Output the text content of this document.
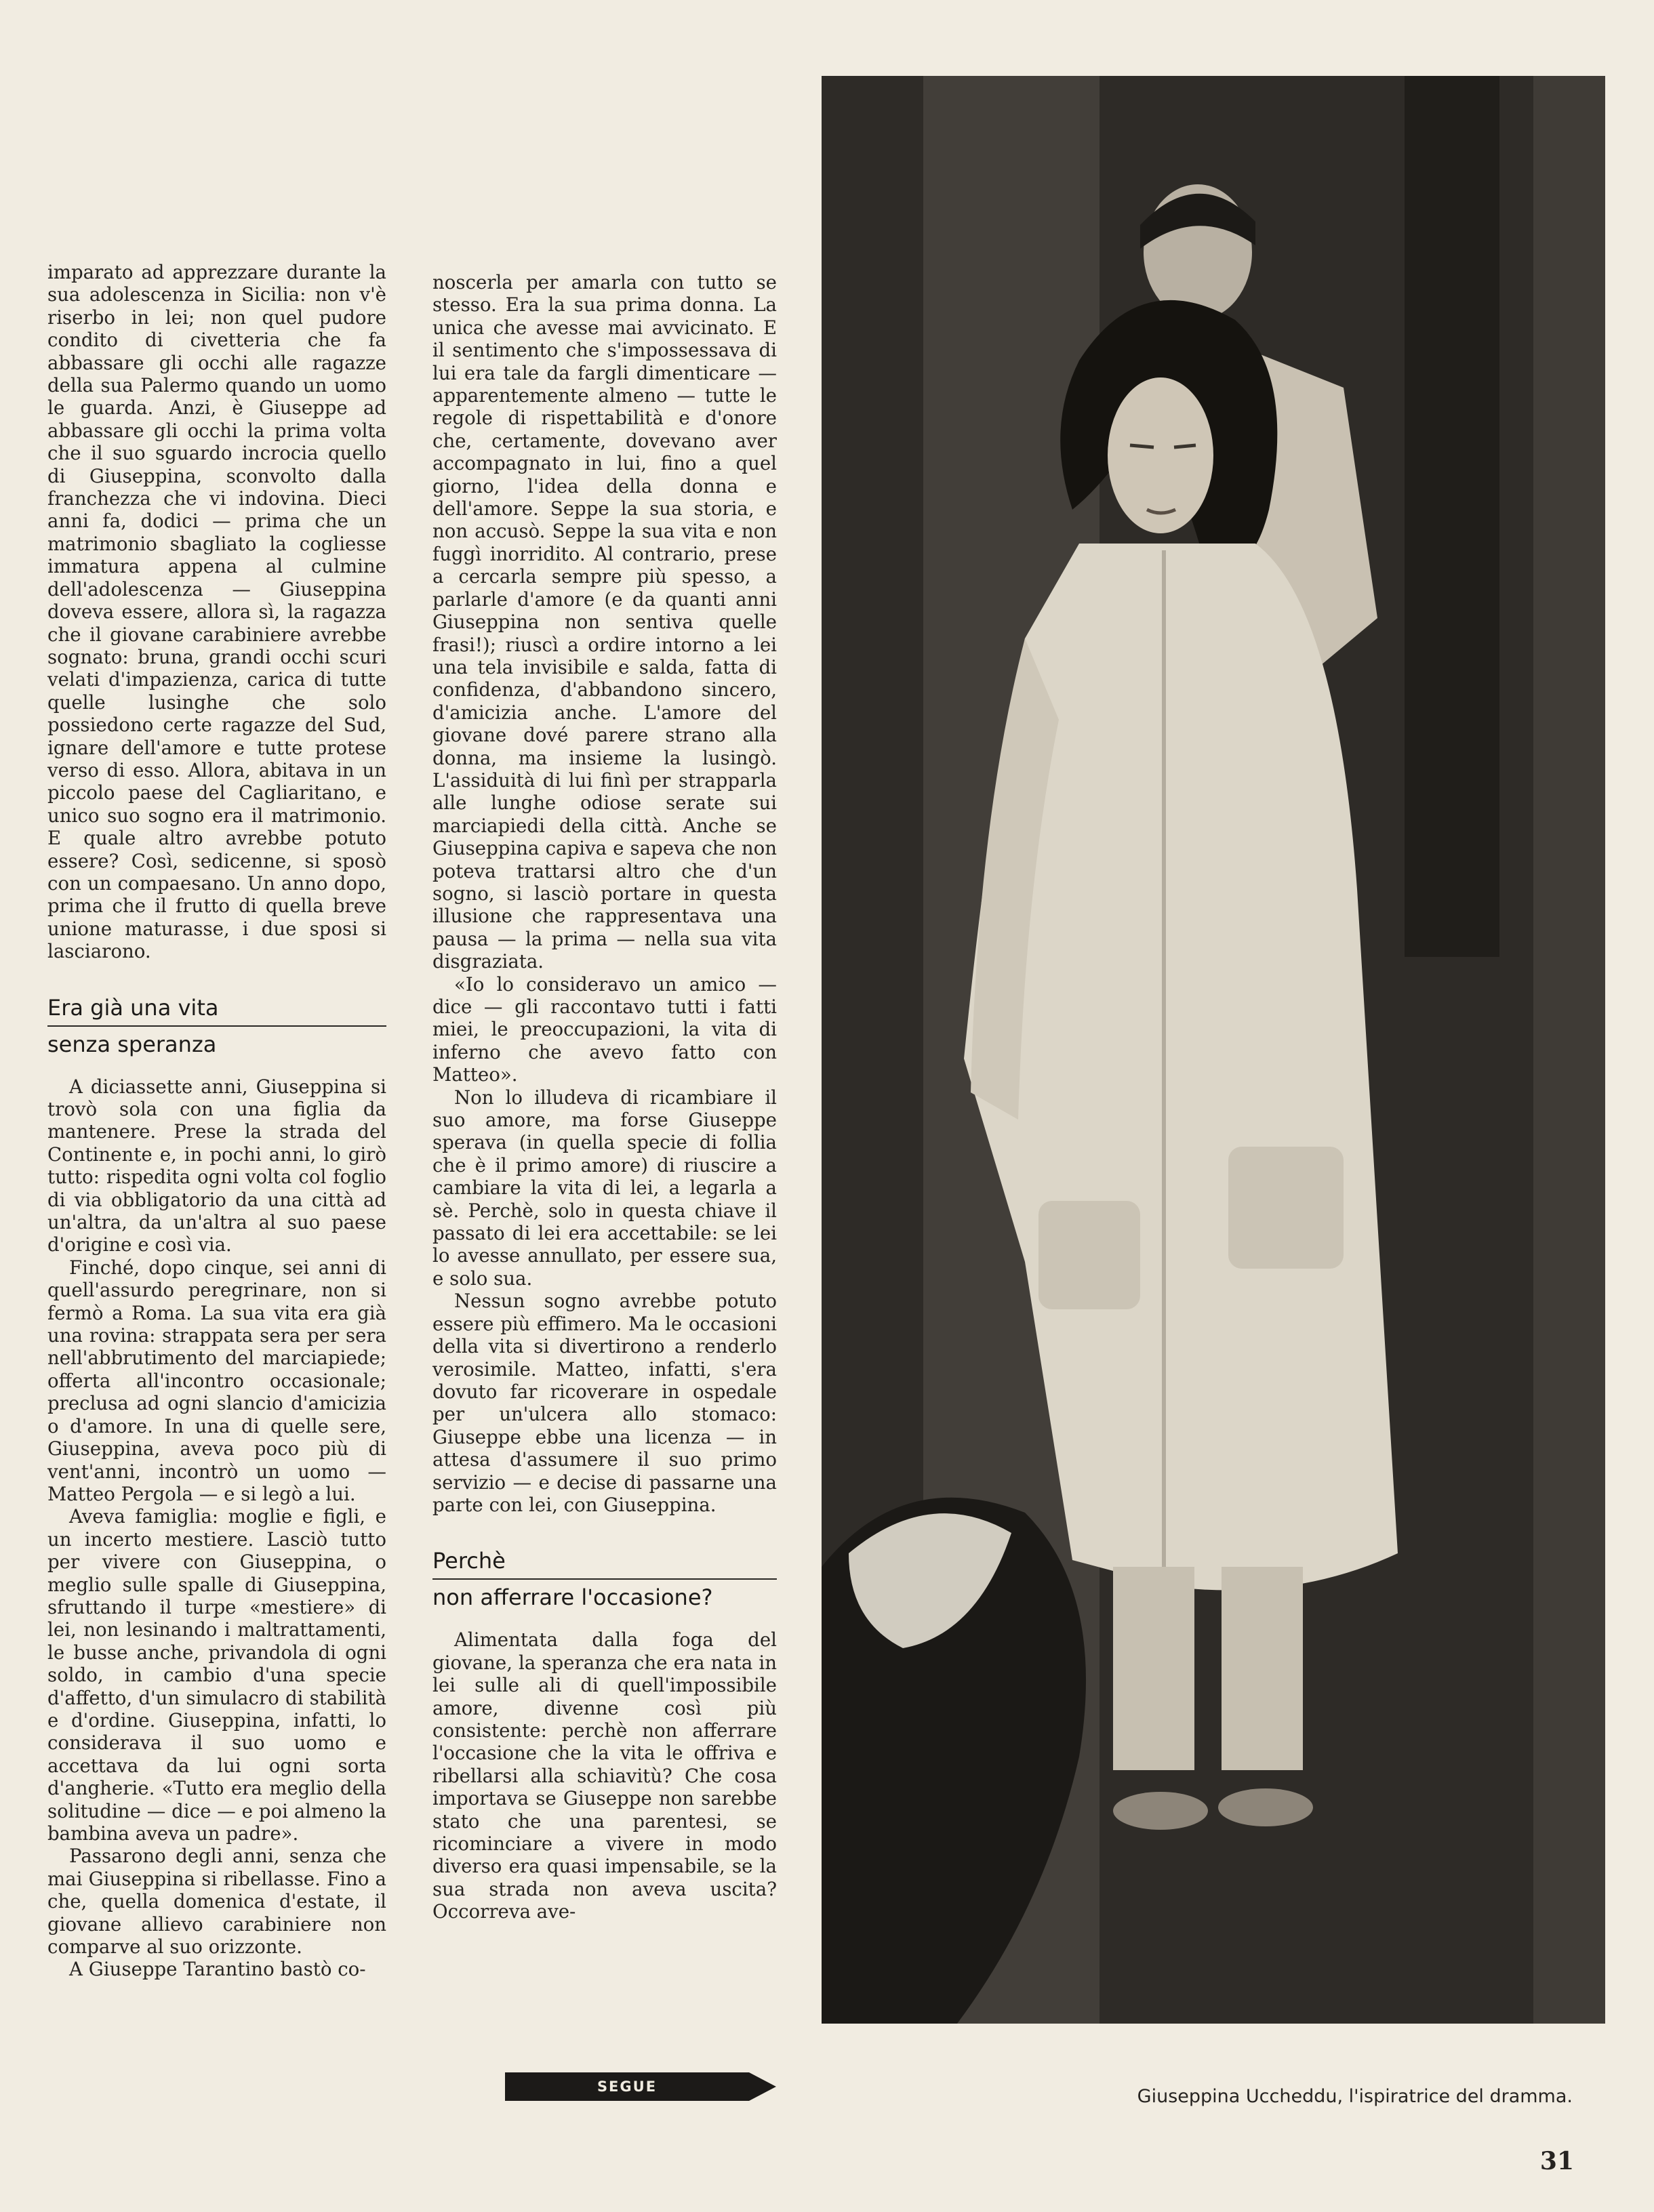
imparato ad apprezzare durante la sua adolescenza in Sicilia: non v'è riserbo in lei; non quel pudore condito di civetteria che fa abbassare gli occhi alle ragazze della sua Palermo quando un uomo le guarda. Anzi, è Giuseppe ad abbassare gli occhi la prima volta che il suo sguardo incrocia quello di Giuseppina, sconvolto dalla franchezza che vi indovina. Dieci anni fa, dodici — prima che un matrimonio sbagliato la cogliesse immatura appena al culmine dell'adolescenza — Giuseppina doveva essere, allora sì, la ragazza che il giovane carabiniere avrebbe sognato: bruna, grandi occhi scuri velati d'impazienza, carica di tutte quelle lusinghe che solo possiedono certe ragazze del Sud, ignare dell'amore e tutte protese verso di esso. Allora, abitava in un piccolo paese del Cagliaritano, e unico suo sogno era il matrimonio. E quale altro avrebbe potuto essere? Così, sedicenne, si sposò con un compaesano. Un anno dopo, prima che il frutto di quella breve unione maturasse, i due sposi si lasciarono.

Era già una vita
senza speranza

A diciassette anni, Giuseppina si trovò sola con una figlia da mantenere. Prese la strada del Continente e, in pochi anni, lo girò tutto: rispedita ogni volta col foglio di via obbligatorio da una città ad un'altra, da un'altra al suo paese d'origine e così via.

Finché, dopo cinque, sei anni di quell'assurdo peregrinare, non si fermò a Roma. La sua vita era già una rovina: strappata sera per sera nell'abbrutimento del marciapiede; offerta all'incontro occasionale; preclusa ad ogni slancio d'amicizia o d'amore. In una di quelle sere, Giuseppina, aveva poco più di vent'anni, incontrò un uomo — Matteo Pergola — e si legò a lui.

Aveva famiglia: moglie e figli, e un incerto mestiere. Lasciò tutto per vivere con Giuseppina, o meglio sulle spalle di Giuseppina, sfruttando il turpe «mestiere» di lei, non lesinando i maltrattamenti, le busse anche, privandola di ogni soldo, in cambio d'una specie d'affetto, d'un simulacro di stabilità e d'ordine. Giuseppina, infatti, lo considerava il suo uomo e accettava da lui ogni sorta d'angherie. «Tutto era meglio della solitudine — dice — e poi almeno la bambina aveva un padre».

Passarono degli anni, senza che mai Giuseppina si ribellasse. Fino a che, quella domenica d'estate, il giovane allievo carabiniere non comparve al suo orizzonte.

A Giuseppe Tarantino bastò co-

noscerla per amarla con tutto se stesso. Era la sua prima donna. La unica che avesse mai avvicinato. E il sentimento che s'impossessava di lui era tale da fargli dimenticare — apparentemente almeno — tutte le regole di rispettabilità e d'onore che, certamente, dovevano aver accompagnato in lui, fino a quel giorno, l'idea della donna e dell'amore. Seppe la sua storia, e non accusò. Seppe la sua vita e non fuggì inorridito. Al contrario, prese a cercarla sempre più spesso, a parlarle d'amore (e da quanti anni Giuseppina non sentiva quelle frasi!); riuscì a ordire intorno a lei una tela invisibile e salda, fatta di confidenza, d'abbandono sincero, d'amicizia anche. L'amore del giovane dové parere strano alla donna, ma insieme la lusingò. L'assiduità di lui finì per strapparla alle lunghe odiose serate sui marciapiedi della città. Anche se Giuseppina capiva e sapeva che non poteva trattarsi altro che d'un sogno, si lasciò portare in questa illusione che rappresentava una pausa — la prima — nella sua vita disgraziata.

«Io lo consideravo un amico — dice — gli raccontavo tutti i fatti miei, le preoccupazioni, la vita di inferno che avevo fatto con Matteo».

Non lo illudeva di ricambiare il suo amore, ma forse Giuseppe sperava (in quella specie di follia che è il primo amore) di riuscire a cambiare la vita di lei, a legarla a sè. Perchè, solo in questa chiave il passato di lei era accettabile: se lei lo avesse annullato, per essere sua, e solo sua.

Nessun sogno avrebbe potuto essere più effimero. Ma le occasioni della vita si divertirono a renderlo verosimile. Matteo, infatti, s'era dovuto far ricoverare in ospedale per un'ulcera allo stomaco: Giuseppe ebbe una licenza — in attesa d'assumere il suo primo servizio — e decise di passarne una parte con lei, con Giuseppina.

Perchè
non afferrare l'occasione?

Alimentata dalla foga del giovane, la speranza che era nata in lei sulle ali di quell'impossibile amore, divenne così più consistente: perchè non afferrare l'occasione che la vita le offriva e ribellarsi alla schiavitù? Che cosa importava se Giuseppe non sarebbe stato che una parentesi, se ricominciare a vivere in modo diverso era quasi impensabile, se la sua strada non aveva uscita? Occorreva ave-

SEGUE	Giuseppina Uccheddu, l'ispiratrice del dramma.
31
